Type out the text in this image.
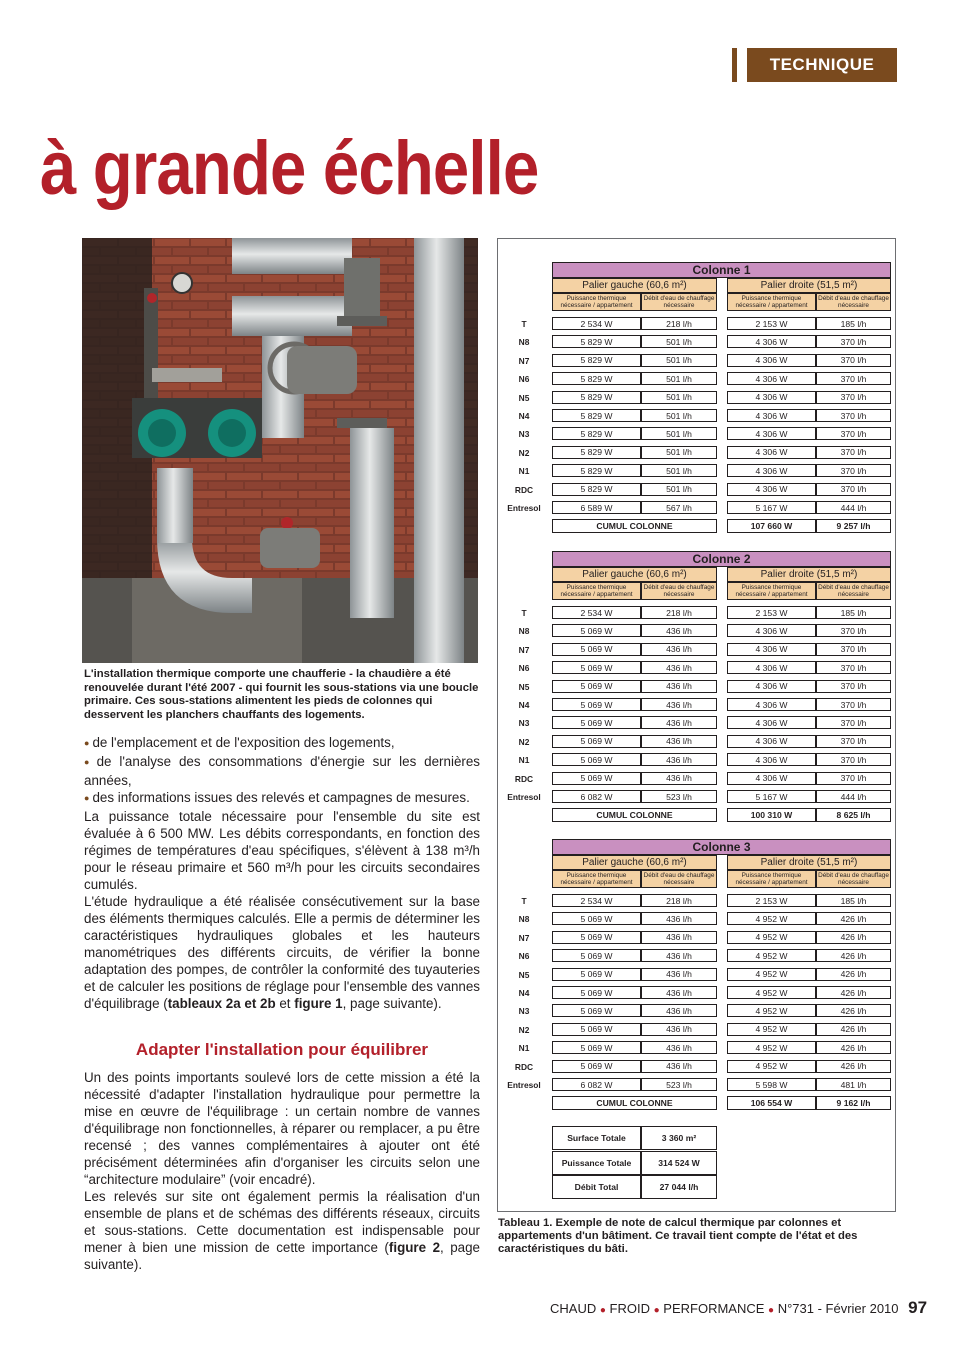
TECHNIQUE
à grande échelle
L'installation thermique comporte une chaufferie - la chaudière a été renouvelée durant l'été 2007 - qui fournit les sous-stations via une boucle primaire. Ces sous-stations alimentent les pieds de colonnes qui desservent les planchers chauffants des logements.

● de l'emplacement et de l'exposition des logements,

● de l'analyse des consommations d'énergie sur les dernières années,

● des informations issues des relevés et campagnes de mesures.

La puissance totale nécessaire pour l'ensemble du site est évaluée à 6 500 MW. Les débits correspondants, en fonction des régimes de températures d'eau spécifiques, s'élèvent à 138 m³/h pour le réseau primaire et 560 m³/h pour les circuits secondaires cumulés.

L'étude hydraulique a été réalisée consécutivement sur la base des éléments thermiques calculés. Elle a permis de déterminer les caractéristiques hydrauliques globales et les hauteurs manométriques des différents circuits, de vérifier la bonne adaptation des pompes, de contrôler la conformité des tuyauteries et de calculer les positions de réglage pour l'ensemble des vannes d'équilibrage (tableaux 2a et 2b et figure 1, page suivante).

Adapter l'installation pour équilibrer

Un des points importants soulevé lors de cette mission a été la nécessité d'adapter l'installation hydraulique pour permettre la mise en œuvre de l'équilibrage : un certain nombre de vannes d'équilibrage non fonctionnelles, à réparer ou remplacer, a pu être recensé ; des vannes complémentaires à ajouter ont été précisément déterminées afin d'organiser les circuits selon une “architecture modulaire” (voir encadré).

Les relevés sur site ont également permis la réalisation d'un ensemble de plans et de schémas des différents réseaux, circuits et sous-stations. Cette documentation est indispensable pour mener à bien une mission de cette importance (figure 2, page suivante).

Colonne 1
Palier gauche (60,6 m²)	Palier droite (51,5 m²)
Puissance thermique nécessaire / appartement
Débit d'eau de chauffage nécessaire
Puissance thermique nécessaire / appartement
Débit d'eau de chauffage nécessaire
T	2 534 W	218 l/h	2 153 W	185 l/h
N8	5 829 W	501 l/h	4 306 W	370 l/h
N7	5 829 W	501 l/h	4 306 W	370 l/h
N6	5 829 W	501 l/h	4 306 W	370 l/h
N5	5 829 W	501 l/h	4 306 W	370 l/h
N4	5 829 W	501 l/h	4 306 W	370 l/h
N3	5 829 W	501 l/h	4 306 W	370 l/h
N2	5 829 W	501 l/h	4 306 W	370 l/h
N1	5 829 W	501 l/h	4 306 W	370 l/h
RDC	5 829 W	501 l/h	4 306 W	370 l/h
Entresol	6 589 W	567 l/h	5 167 W	444 l/h
CUMUL COLONNE	107 660 W	9 257 l/h
Colonne 2
Palier gauche (60,6 m²)	Palier droite (51,5 m²)
Puissance thermique nécessaire / appartement
Débit d'eau de chauffage nécessaire
Puissance thermique nécessaire / appartement
Débit d'eau de chauffage nécessaire
T	2 534 W	218 l/h	2 153 W	185 l/h
N8	5 069 W	436 l/h	4 306 W	370 l/h
N7	5 069 W	436 l/h	4 306 W	370 l/h
N6	5 069 W	436 l/h	4 306 W	370 l/h
N5	5 069 W	436 l/h	4 306 W	370 l/h
N4	5 069 W	436 l/h	4 306 W	370 l/h
N3	5 069 W	436 l/h	4 306 W	370 l/h
N2	5 069 W	436 l/h	4 306 W	370 l/h
N1	5 069 W	436 l/h	4 306 W	370 l/h
RDC	5 069 W	436 l/h	4 306 W	370 l/h
Entresol	6 082 W	523 l/h	5 167 W	444 l/h
CUMUL COLONNE	100 310 W	8 625 l/h
Colonne 3
Palier gauche (60,6 m²)	Palier droite (51,5 m²)
Puissance thermique nécessaire / appartement
Débit d'eau de chauffage nécessaire
Puissance thermique nécessaire / appartement
Débit d'eau de chauffage nécessaire
T	2 534 W	218 l/h	2 153 W	185 l/h
N8	5 069 W	436 l/h	4 952 W	426 l/h
N7	5 069 W	436 l/h	4 952 W	426 l/h
N6	5 069 W	436 l/h	4 952 W	426 l/h
N5	5 069 W	436 l/h	4 952 W	426 l/h
N4	5 069 W	436 l/h	4 952 W	426 l/h
N3	5 069 W	436 l/h	4 952 W	426 l/h
N2	5 069 W	436 l/h	4 952 W	426 l/h
N1	5 069 W	436 l/h	4 952 W	426 l/h
RDC	5 069 W	436 l/h	4 952 W	426 l/h
Entresol	6 082 W	523 l/h	5 598 W	481 l/h
CUMUL COLONNE	106 554 W	9 162 l/h
Surface Totale	3 360 m²
Puissance Totale	314 524 W
Débit Total	27 044 l/h
Tableau 1. Exemple de note de calcul thermique par colonnes et appartements d'un bâtiment. Ce travail tient compte de l'état et des caractéristiques du bâti.
CHAUD ● FROID ● PERFORMANCE ● N°731 - Février 2010 97
